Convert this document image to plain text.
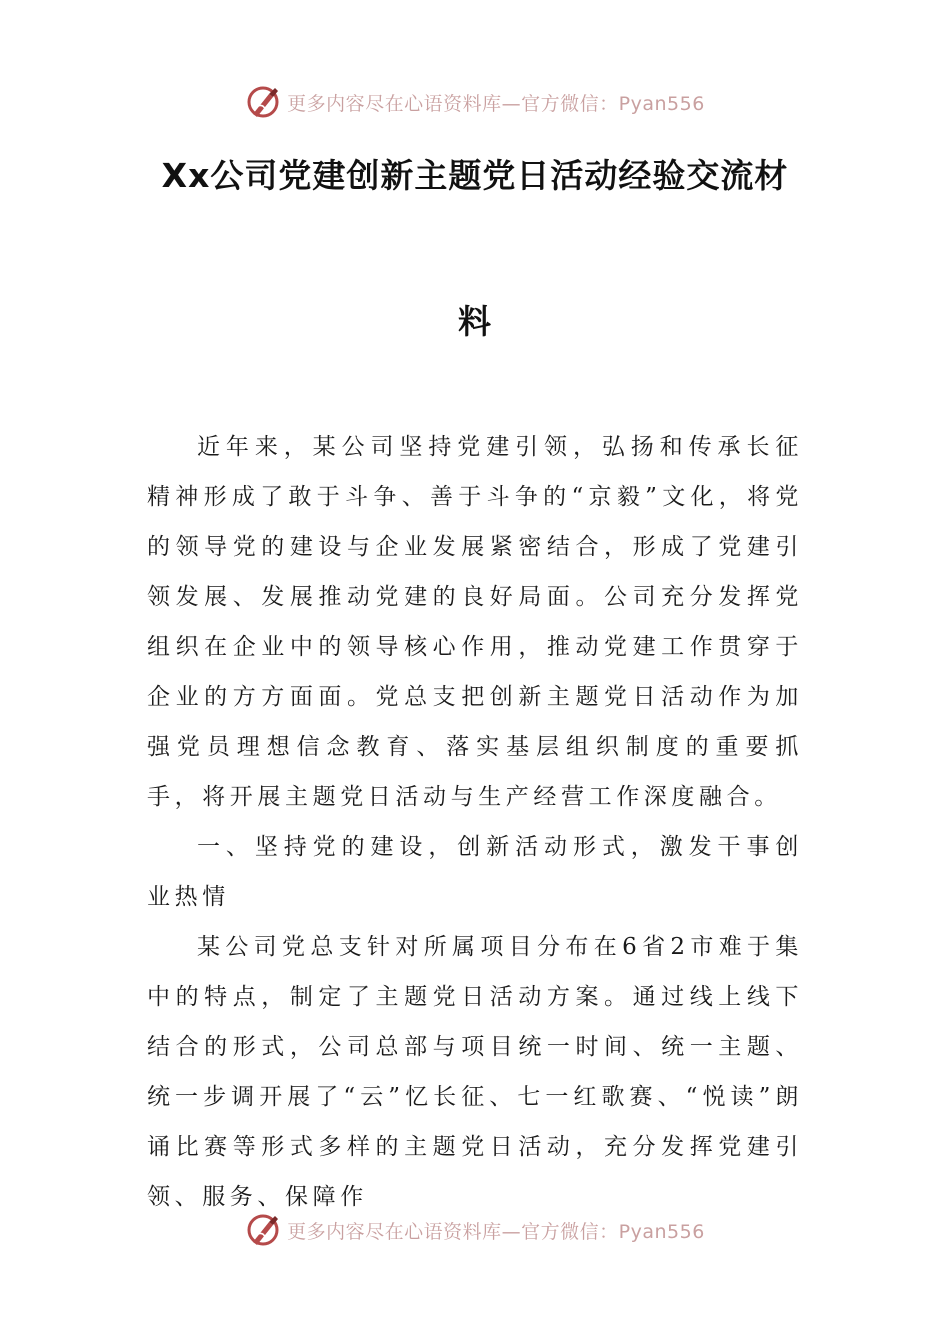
更多内容尽在心语资料库—官方微信：Pyan556
Xx公司党建创新主题党日活动经验交流材
料

近年来，某公司坚持党建引领，弘扬和传承长征精神形成了敢于斗争、善于斗争的“京毅”文化，将党的领导党的建设与企业发展紧密结合，形成了党建引领发展、发展推动党建的良好局面。公司充分发挥党组织在企业中的领导核心作用，推动党建工作贯穿于企业的方方面面。党总支把创新主题党日活动作为加强党员理想信念教育、落实基层组织制度的重要抓手，将开展主题党日活动与生产经营工作深度融合。

一、坚持党的建设，创新活动形式，激发干事创业热情

某公司党总支针对所属项目分布在6省2市难于集中的特点，制定了主题党日活动方案。通过线上线下结合的形式，公司总部与项目统一时间、统一主题、统一步调开展了“云”忆长征、七一红歌赛、“悦读”朗诵比赛等形式多样的主题党日活动，充分发挥党建引领、服务、保障作

更多内容尽在心语资料库—官方微信：Pyan556
